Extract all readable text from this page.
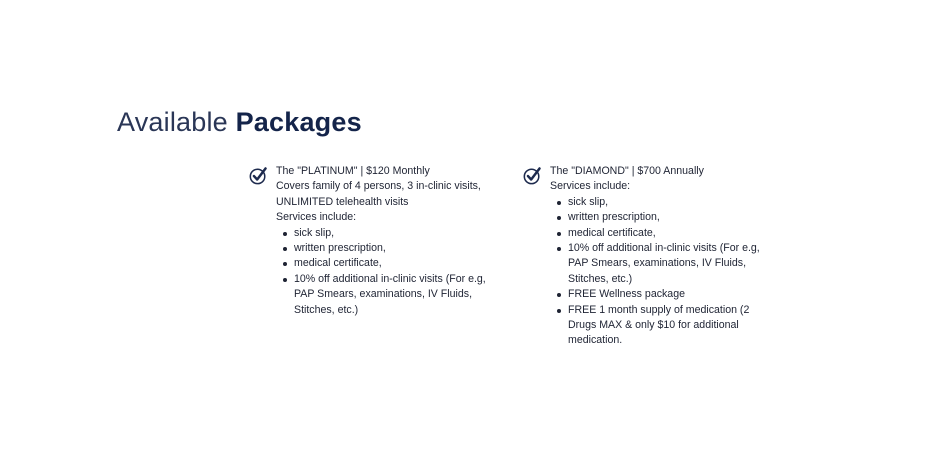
Available Packages
The "PLATINUM" | $120 Monthly
Covers family of 4 persons, 3 in-clinic visits, UNLIMITED telehealth visits
Services include:
sick slip,
written prescription,
medical certificate,
10% off additional in-clinic visits (For e.g, PAP Smears, examinations, IV Fluids, Stitches, etc.)
The "DIAMOND" | $700 Annually
Services include:
sick slip,
written prescription,
medical certificate,
10% off additional in-clinic visits (For e.g, PAP Smears, examinations, IV Fluids, Stitches, etc.)
FREE Wellness package
FREE 1 month supply of medication (2 Drugs MAX & only $10 for additional medication.
